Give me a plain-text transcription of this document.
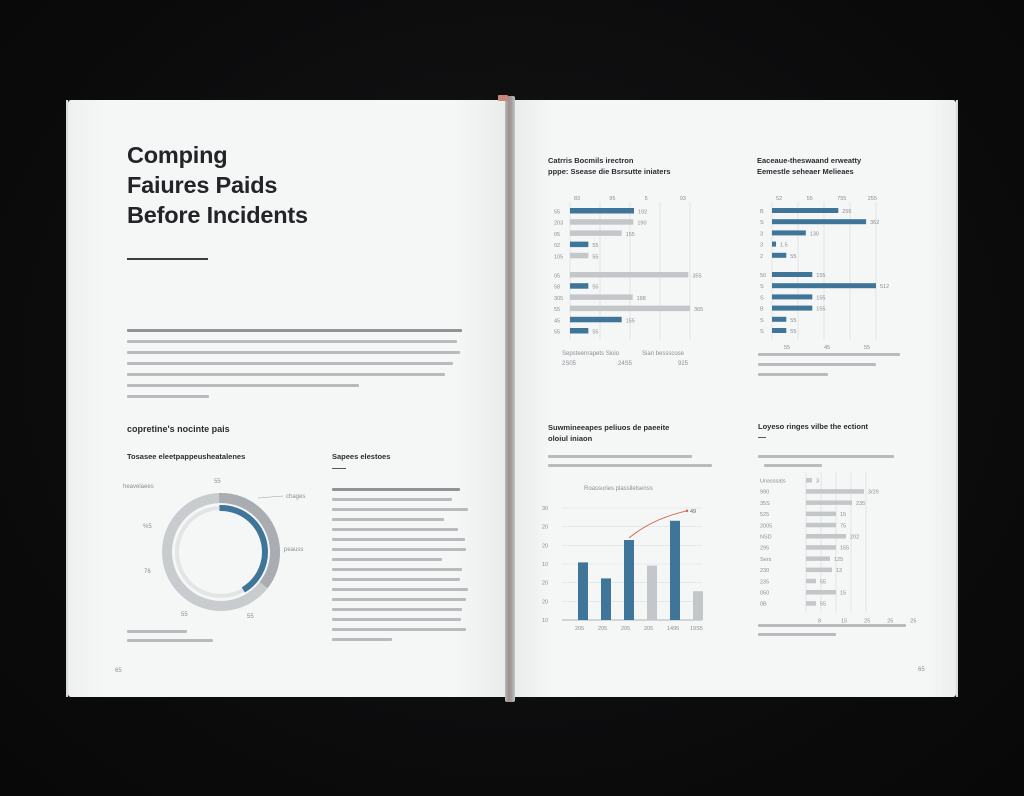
Comping
Faiures Paids
Before Incidents
copretine's nocinte pais
Tosasee eleetpappeusheatalenes
heavelaees
55
%5
76
55	55
chages
peauss
Sapees elestoes
65
Catrris Bocmils irectron
pppe: Ssease die Bsrsutte iniaters
83	95	5	93
55	192
203	190
05	155
02	55
105	55
05	355
58	55
305	188
55	365
45	155
55	55
Sepsteenrapets Sioio
2S05	24S5
Sian bessscose
925
Eaceaue-theswaand erweatty
Eemestle seheaer Melieaes
52	55	755	255
B	255
S	362
3	130
3	1.5
2	55
50	155
S	512
S	155
B	155
S	55
S	55
55	45	55
Suwmineeapes peliuos de paeeite
oloiul iniaon
Roassuries plasslielsenss
30
20
20
10
20
20
10
205	205	205	205	1495 19S5
49
Loyeso ringes vilbe the ectiont
Unasssats	3
990	3/29
35S	235
525	15
2005	75
NSD	202
295	155
Sers	125
230	13
235	55
050	15
0B	55
8	15	25	25	25
65
